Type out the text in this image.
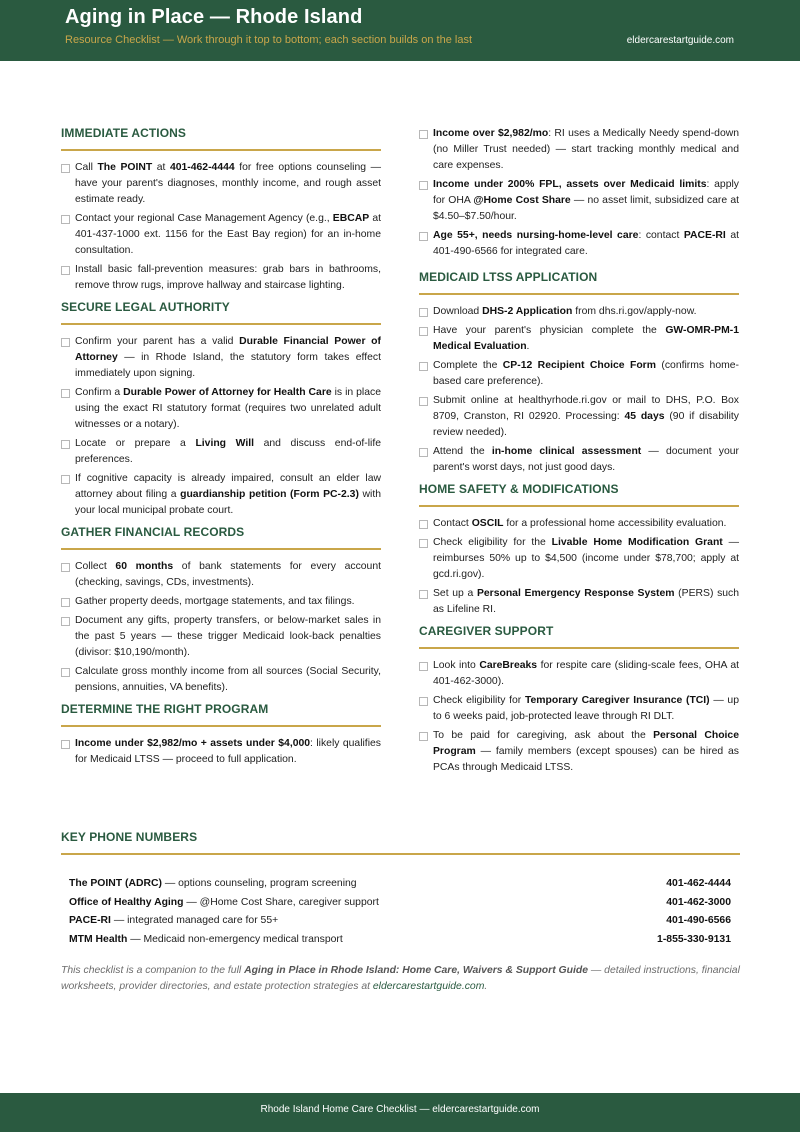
Aging in Place — Rhode Island
Resource Checklist — Work through it top to bottom; each section builds on the last	eldercarestartguide.com
IMMEDIATE ACTIONS
Call The POINT at 401-462-4444 for free options counseling — have your parent's diagnoses, monthly income, and rough asset estimate ready.
Contact your regional Case Management Agency (e.g., EBCAP at 401-437-1000 ext. 1156 for the East Bay region) for an in-home consultation.
Install basic fall-prevention measures: grab bars in bathrooms, remove throw rugs, improve hallway and staircase lighting.
SECURE LEGAL AUTHORITY
Confirm your parent has a valid Durable Financial Power of Attorney — in Rhode Island, the statutory form takes effect immediately upon signing.
Confirm a Durable Power of Attorney for Health Care is in place using the exact RI statutory format (requires two unrelated adult witnesses or a notary).
Locate or prepare a Living Will and discuss end-of-life preferences.
If cognitive capacity is already impaired, consult an elder law attorney about filing a guardianship petition (Form PC-2.3) with your local municipal probate court.
GATHER FINANCIAL RECORDS
Collect 60 months of bank statements for every account (checking, savings, CDs, investments).
Gather property deeds, mortgage statements, and tax filings.
Document any gifts, property transfers, or below-market sales in the past 5 years — these trigger Medicaid look-back penalties (divisor: $10,190/month).
Calculate gross monthly income from all sources (Social Security, pensions, annuities, VA benefits).
DETERMINE THE RIGHT PROGRAM
Income under $2,982/mo + assets under $4,000: likely qualifies for Medicaid LTSS — proceed to full application.
Income over $2,982/mo: RI uses a Medically Needy spend-down (no Miller Trust needed) — start tracking monthly medical and care expenses.
Income under 200% FPL, assets over Medicaid limits: apply for OHA @Home Cost Share — no asset limit, subsidized care at $4.50–$7.50/hour.
Age 55+, needs nursing-home-level care: contact PACE-RI at 401-490-6566 for integrated care.
MEDICAID LTSS APPLICATION
Download DHS-2 Application from dhs.ri.gov/apply-now.
Have your parent's physician complete the GW-OMR-PM-1 Medical Evaluation.
Complete the CP-12 Recipient Choice Form (confirms home-based care preference).
Submit online at healthyrhode.ri.gov or mail to DHS, P.O. Box 8709, Cranston, RI 02920. Processing: 45 days (90 if disability review needed).
Attend the in-home clinical assessment — document your parent's worst days, not just good days.
HOME SAFETY & MODIFICATIONS
Contact OSCIL for a professional home accessibility evaluation.
Check eligibility for the Livable Home Modification Grant — reimburses 50% up to $4,500 (income under $78,700; apply at gcd.ri.gov).
Set up a Personal Emergency Response System (PERS) such as Lifeline RI.
CAREGIVER SUPPORT
Look into CareBreaks for respite care (sliding-scale fees, OHA at 401-462-3000).
Check eligibility for Temporary Caregiver Insurance (TCI) — up to 6 weeks paid, job-protected leave through RI DLT.
To be paid for caregiving, ask about the Personal Choice Program — family members (except spouses) can be hired as PCAs through Medicaid LTSS.
KEY PHONE NUMBERS
The POINT (ADRC) — options counseling, program screening	401-462-4444
Office of Healthy Aging — @Home Cost Share, caregiver support	401-462-3000
PACE-RI — integrated managed care for 55+	401-490-6566
MTM Health — Medicaid non-emergency medical transport	1-855-330-9131
This checklist is a companion to the full Aging in Place in Rhode Island: Home Care, Waivers & Support Guide — detailed instructions, financial worksheets, provider directories, and estate protection strategies at eldercarestartguide.com.
Rhode Island Home Care Checklist — eldercarestartguide.com
